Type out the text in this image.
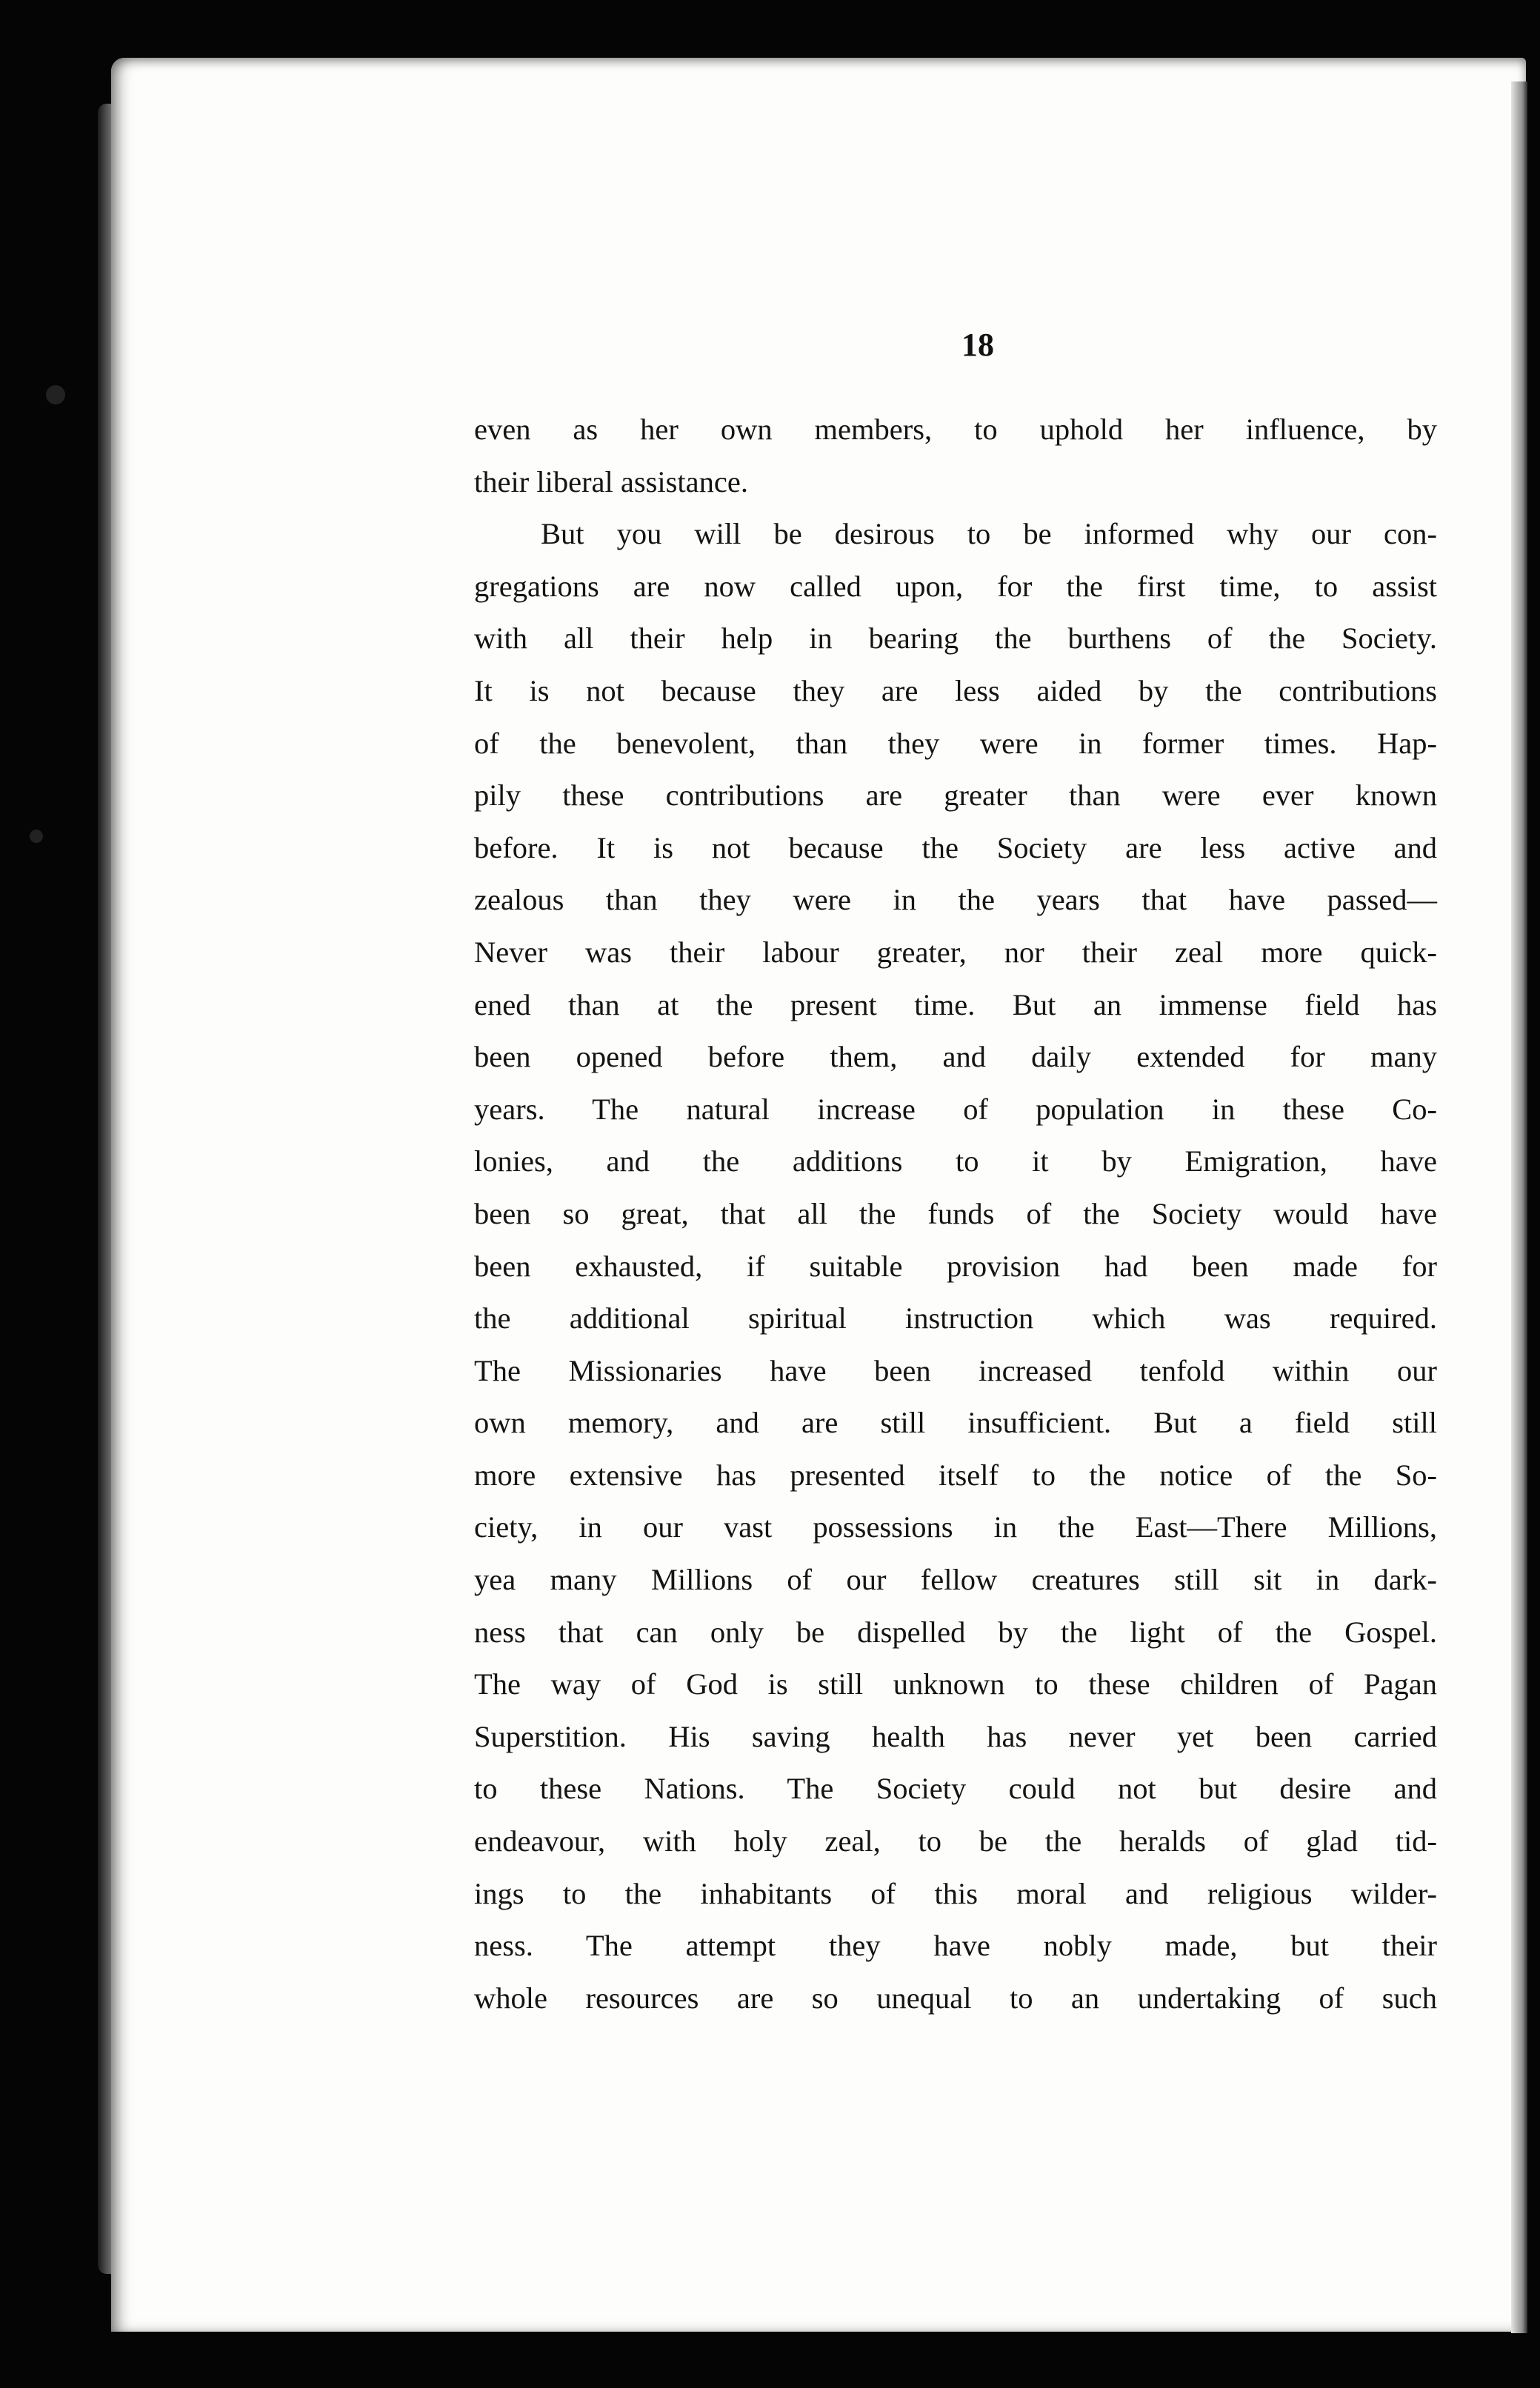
18
even as her own members, to uphold her influence, by
their liberal assistance.
But you will be desirous to be informed why our con-
gregations are now called upon, for the first time, to assist
with all their help in bearing the burthens of the Society.
It is not because they are less aided by the contributions
of the benevolent, than they were in former times. Hap-
pily these contributions are greater than were ever known
before. It is not because the Society are less active and
zealous than they were in the years that have passed—
Never was their labour greater, nor their zeal more quick-
ened than at the present time. But an immense field has
been opened before them, and daily extended for many
years. The natural increase of population in these Co-
lonies, and the additions to it by Emigration, have
been so great, that all the funds of the Society would have
been exhausted, if suitable provision had been made for
the additional spiritual instruction which was required.
The Missionaries have been increased tenfold within our
own memory, and are still insufficient. But a field still
more extensive has presented itself to the notice of the So-
ciety, in our vast possessions in the East—There Millions,
yea many Millions of our fellow creatures still sit in dark-
ness that can only be dispelled by the light of the Gospel.
The way of God is still unknown to these children of Pagan
Superstition. His saving health has never yet been carried
to these Nations. The Society could not but desire and
endeavour, with holy zeal, to be the heralds of glad tid-
ings to the inhabitants of this moral and religious wilder-
ness. The attempt they have nobly made, but their
whole resources are so unequal to an undertaking of such
